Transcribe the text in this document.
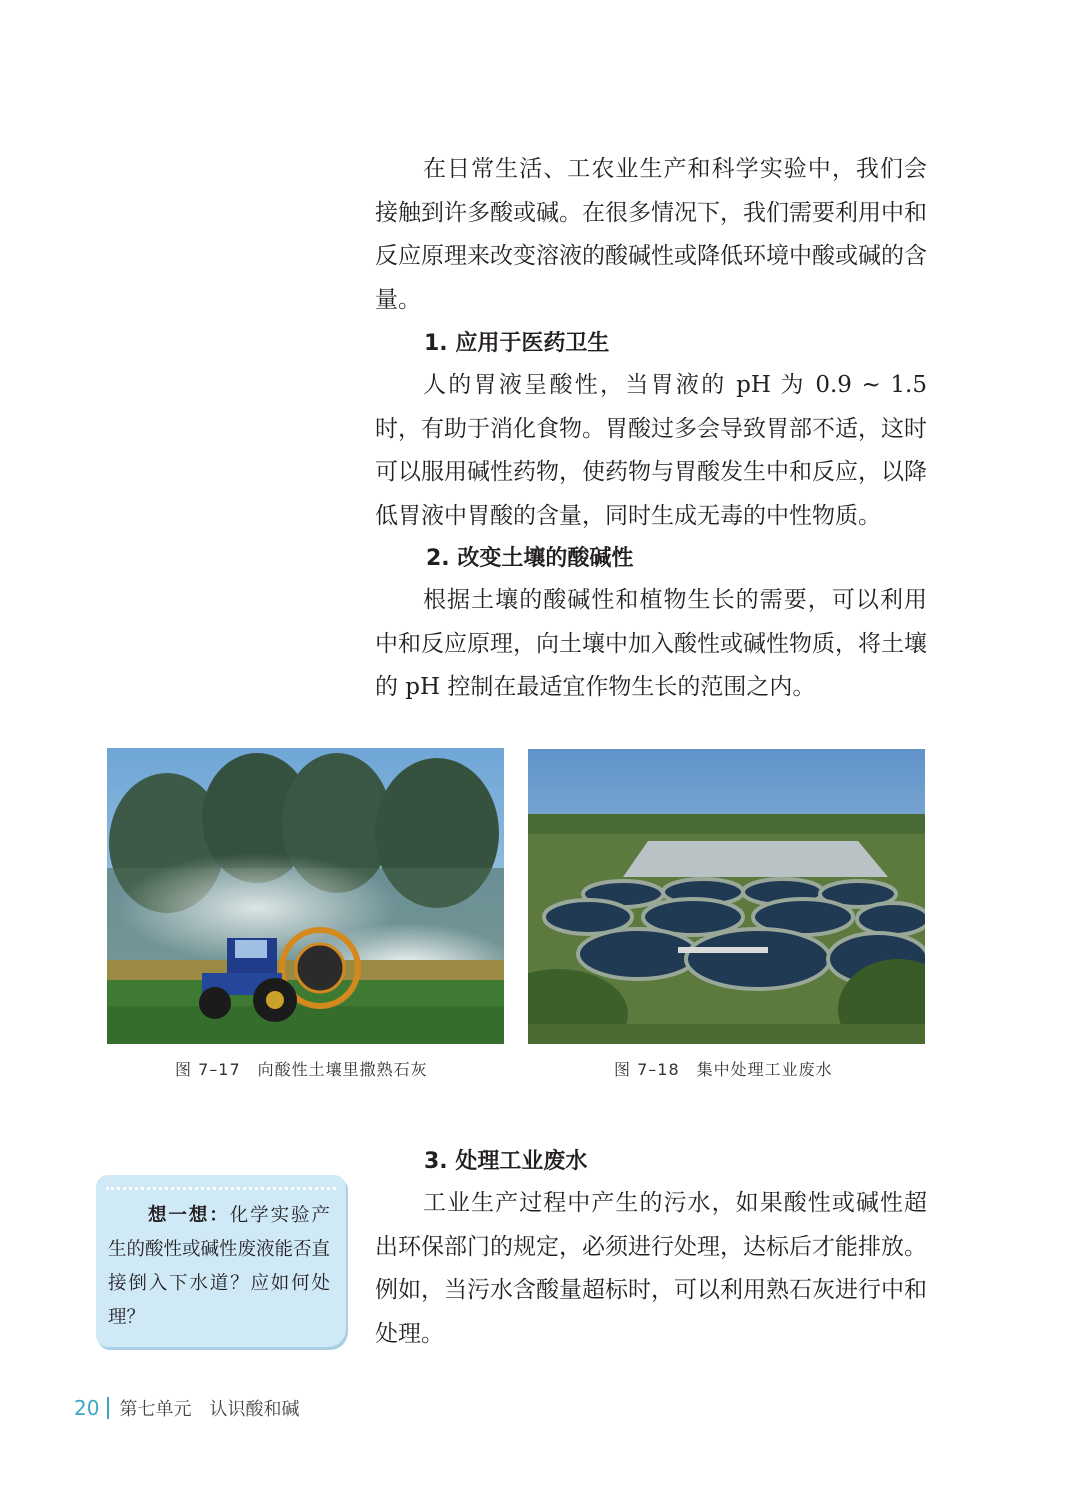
在日常生活、工农业生产和科学实验中，我们会接触到许多酸或碱。在很多情况下，我们需要利用中和反应原理来改变溶液的酸碱性或降低环境中酸或碱的含量。

1. 应用于医药卫生

人的胃液呈酸性，当胃液的 pH 为 0.9 ~ 1.5 时，有助于消化食物。胃酸过多会导致胃部不适，这时可以服用碱性药物，使药物与胃酸发生中和反应，以降低胃液中胃酸的含量，同时生成无毒的中性物质。

2. 改变土壤的酸碱性

根据土壤的酸碱性和植物生长的需要，可以利用中和反应原理，向土壤中加入酸性或碱性物质，将土壤的 pH 控制在最适宜作物生长的范围之内。

图 7–17　向酸性土壤里撒熟石灰	图 7–18　集中处理工业废水
3. 处理工业废水

工业生产过程中产生的污水，如果酸性或碱性超出环保部门的规定，必须进行处理，达标后才能排放。例如，当污水含酸量超标时，可以利用熟石灰进行中和处理。

想一想：化学实验产生的酸性或碱性废液能否直接倒入下水道？应如何处理？

20 第七单元 认识酸和碱
